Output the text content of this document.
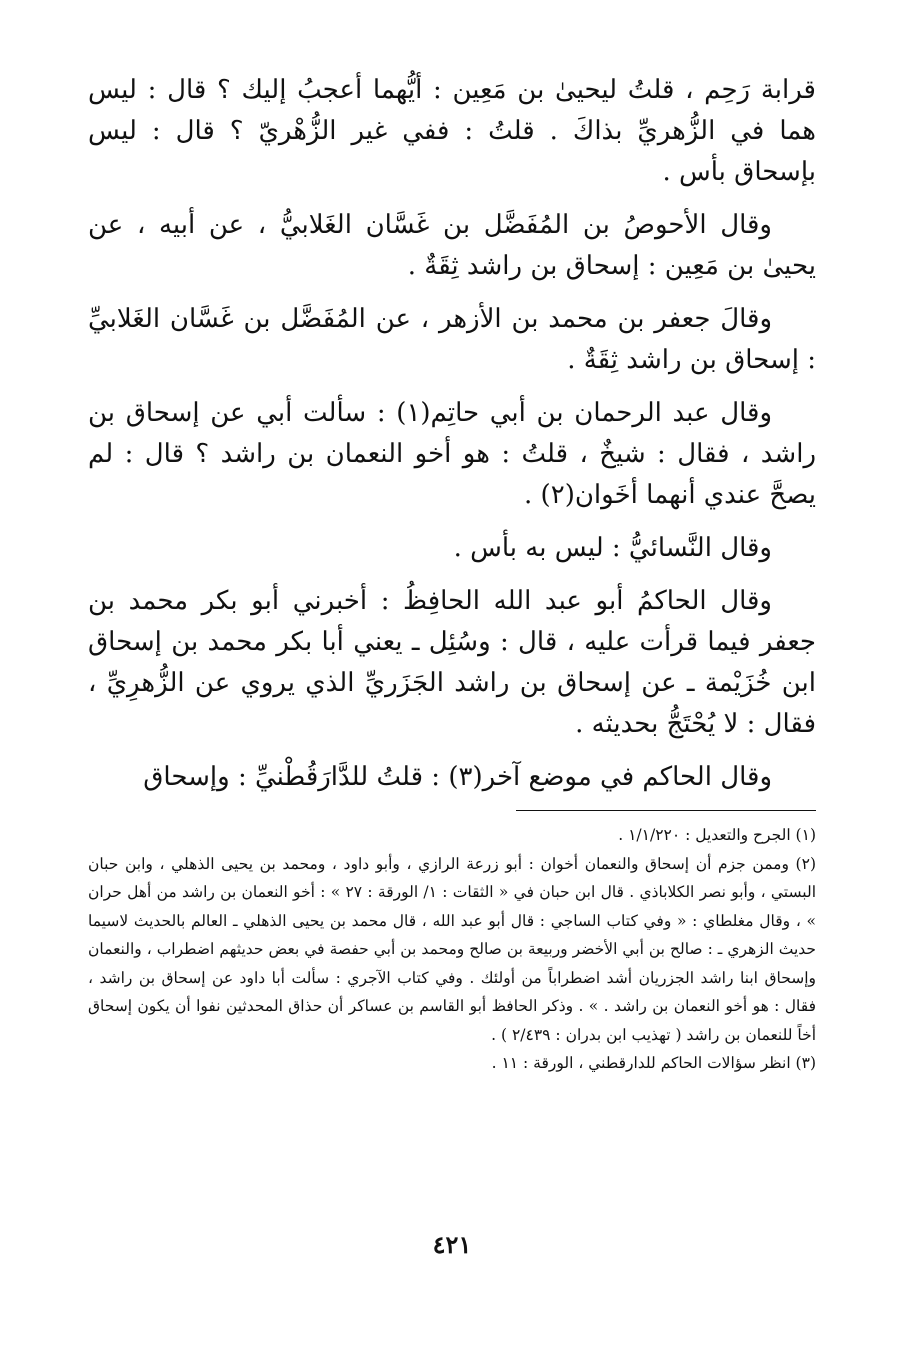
قرابة رَحِم ، قلتُ ليحيىٰ بن مَعِين : أيُّهما أعجبُ إليك ؟ قال : ليس هما في الزُّهريِّ بذاكَ . قلتُ : ففي غير الزُّهْريّ ؟ قال : ليس بإسحاق بأس .

وقال الأحوصُ بن المُفَضَّل بن غَسَّان الغَلابيُّ ، عن أبيه ، عن يحيىٰ بن مَعِين : إسحاق بن راشد ثِقَةٌ .

وقالَ جعفر بن محمد بن الأزهر ، عن المُفَضَّل بن غَسَّان الغَلابيِّ : إسحاق بن راشد ثِقَةٌ .

وقال عبد الرحمان بن أبي حاتِم(١) : سألت أبي عن إسحاق بن راشد ، فقال : شيخٌ ، قلتُ : هو أخو النعمان بن راشد ؟ قال : لم يصحَّ عندي أنهما أخَوان(٢) .

وقال النَّسائيُّ : ليس به بأس .

وقال الحاكمُ أبو عبد الله الحافِظُ : أخبرني أبو بكر محمد بن جعفر فيما قرأت عليه ، قال : وسُئِل ـ يعني أبا بكر محمد بن إسحاق ابن خُزَيْمة ـ عن إسحاق بن راشد الجَزَريِّ الذي يروي عن الزُّهرِيِّ ، فقال : لا يُحْتَجُّ بحديثه .

وقال الحاكم في موضع آخر(٣) : قلتُ للدَّارَقُطْنيِّ : وإسحاق

(١) الجرح والتعديل : ١/١/٢٢٠ .

(٢) وممن جزم أن إسحاق والنعمان أخوان : أبو زرعة الرازي ، وأبو داود ، ومحمد بن يحيى الذهلي ، وابن حبان البستي ، وأبو نصر الكلاباذي . قال ابن حبان في « الثقات : ١/ الورقة : ٢٧ » : أخو النعمان بن راشد من أهل حران » ، وقال مغلطاي : « وفي كتاب الساجي : قال أبو عبد الله ، قال محمد بن يحيى الذهلي ـ العالم بالحديث لاسيما حديث الزهري ـ : صالح بن أبي الأخضر وربيعة بن صالح ومحمد بن أبي حفصة في بعض حديثهم اضطراب ، والنعمان وإسحاق ابنا راشد الجزريان أشد اضطراباً من أولئك . وفي كتاب الآجري : سألت أبا داود عن إسحاق بن راشد ، فقال : هو أخو النعمان بن راشد . » . وذكر الحافظ أبو القاسم بن عساكر أن حذاق المحدثين نفوا أن يكون إسحاق أخاً للنعمان بن راشد ( تهذيب ابن بدران : ٢/٤٣٩ ) .

(٣) انظر سؤالات الحاكم للدارقطني ، الورقة : ١١ .

٤٢١
